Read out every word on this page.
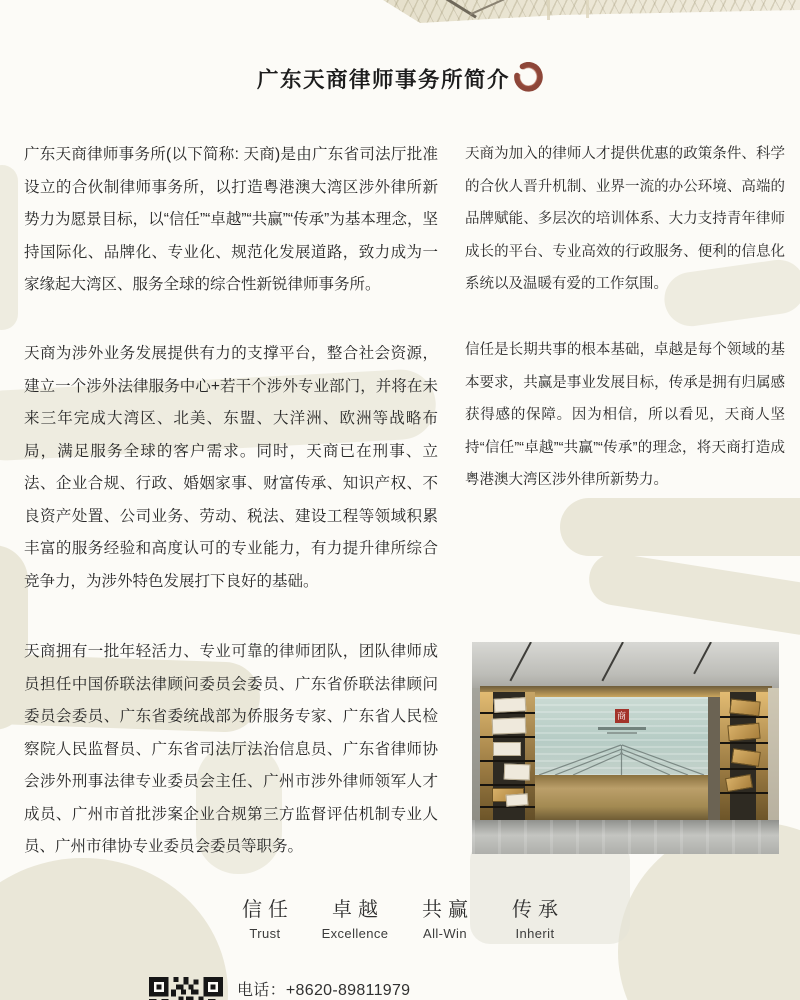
广东天商律师事务所简介

广东天商律师事务所(以下简称: 天商)是由广东省司法厅批准设立的合伙制律师事务所，以打造粤港澳大湾区涉外律所新势力为愿景目标，以“信任”“卓越”“共赢”“传承”为基本理念，坚持国际化、品牌化、专业化、规范化发展道路，致力成为一家缘起大湾区、服务全球的综合性新锐律师事务所。

天商为涉外业务发展提供有力的支撑平台，整合社会资源，建立一个涉外法律服务中心+若干个涉外专业部门，并将在未来三年完成大湾区、北美、东盟、大洋洲、欧洲等战略布局，满足服务全球的客户需求。同时，天商已在刑事、立法、企业合规、行政、婚姻家事、财富传承、知识产权、不良资产处置、公司业务、劳动、税法、建设工程等领域积累丰富的服务经验和高度认可的专业能力，有力提升律所综合竞争力，为涉外特色发展打下良好的基础。

天商拥有一批年轻活力、专业可靠的律师团队，团队律师成员担任中国侨联法律顾问委员会委员、广东省侨联法律顾问委员会委员、广东省委统战部为侨服务专家、广东省人民检察院人民监督员、广东省司法厅法治信息员、广东省律师协会涉外刑事法律专业委员会主任、广州市涉外律师领军人才成员、广州市首批涉案企业合规第三方监督评估机制专业人员、广州市律协专业委员会委员等职务。

天商为加入的律师人才提供优惠的政策条件、科学的合伙人晋升机制、业界一流的办公环境、高端的品牌赋能、多层次的培训体系、大力支持青年律师成长的平台、专业高效的行政服务、便利的信息化系统以及温暖有爱的工作氛围。

信任是长期共事的根本基础，卓越是每个领域的基本要求，共赢是事业发展目标，传承是拥有归属感获得感的保障。因为相信，所以看见，天商人坚持“信任”“卓越”“共赢”“传承”的理念，将天商打造成粤港澳大湾区涉外律所新势力。

商
信任
Trust
卓越
Excellence
共赢
All-Win
传承
Inherit
电话：+8620-89811979
